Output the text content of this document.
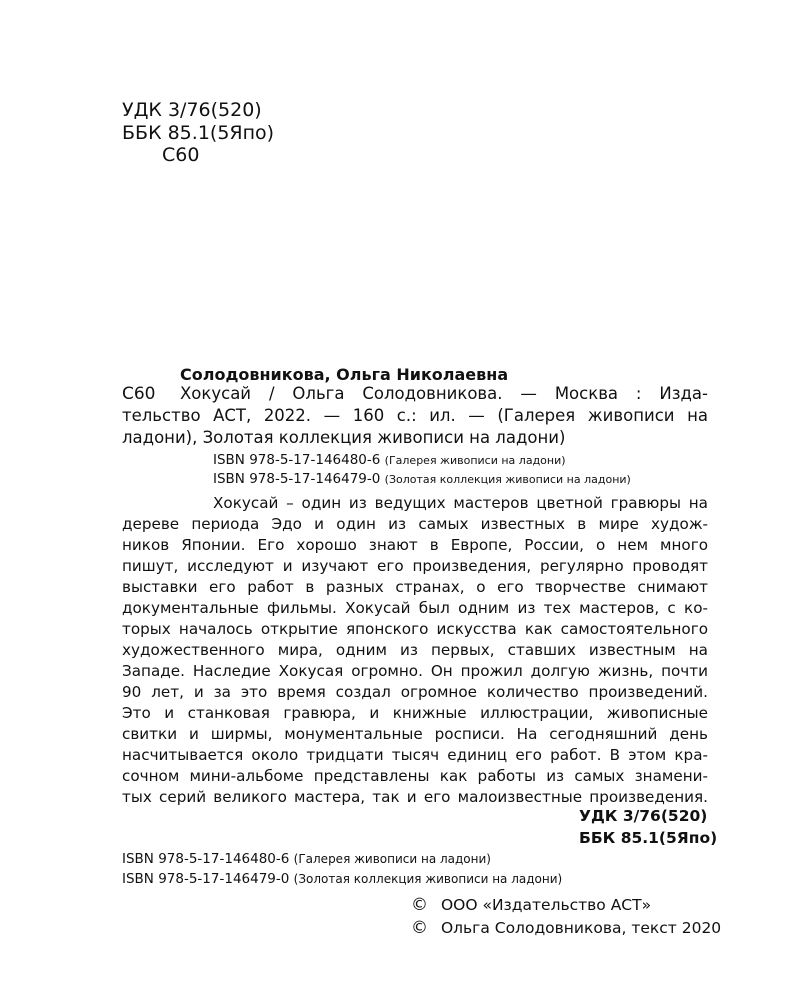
УДК 3/76(520)
ББК 85.1(5Япо)
С60
Солодовникова, Ольга Николаевна
С60 Хокусай / Ольга Солодовникова. — Москва : Изда-
тельство АСТ, 2022. — 160 с.: ил. — (Галерея живописи на
ладони), Золотая коллекция живописи на ладони)
ISBN 978-5-17-146480-6 (Галерея живописи на ладони)
ISBN 978-5-17-146479-0 (Золотая коллекция живописи на ладони)
Хокусай – один из ведущих мастеров цветной гравюры на
дереве периода Эдо и один из самых известных в мире худож-
ников Японии. Его хорошо знают в Европе, России, о нем много
пишут, исследуют и изучают его произведения, регулярно проводят
выставки его работ в разных странах, о его творчестве снимают
документальные фильмы. Хокусай был одним из тех мастеров, с ко-
торых началось открытие японского искусства как самостоятельного
художественного мира, одним из первых, ставших известным на
Западе. Наследие Хокусая огромно. Он прожил долгую жизнь, почти
90 лет, и за это время создал огромное количество произведений.
Это и станковая гравюра, и книжные иллюстрации, живописные
свитки и ширмы, монументальные росписи. На сегодняшний день
насчитывается около тридцати тысяч единиц его работ. В этом кра-
сочном мини-альбоме представлены как работы из самых знамени-
тых серий великого мастера, так и его малоизвестные произведения.
УДК 3/76(520)
ББК 85.1(5Япо)
ISBN 978-5-17-146480-6 (Галерея живописи на ладони)
ISBN 978-5-17-146479-0 (Золотая коллекция живописи на ладони)
© ООО «Издательство АСТ»
© Ольга Солодовникова, текст 2020
